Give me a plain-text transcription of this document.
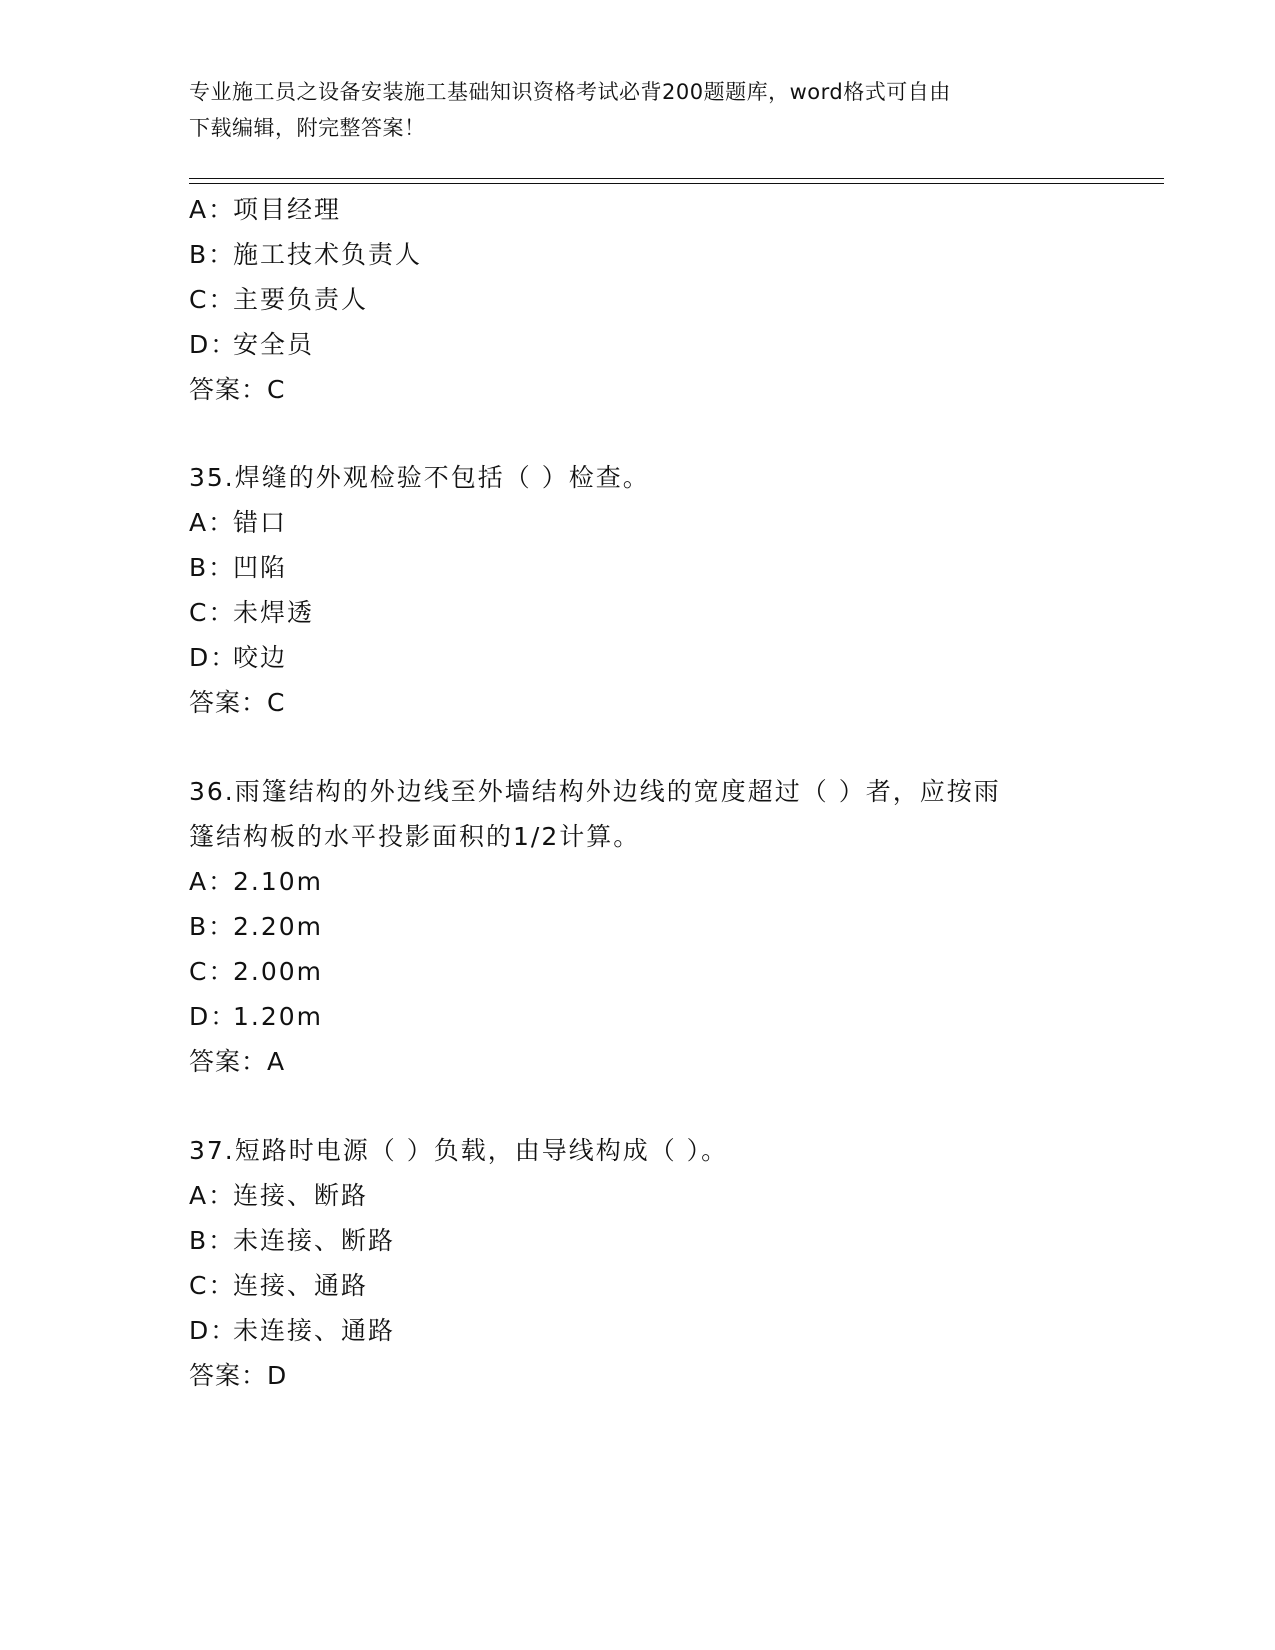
专业施工员之设备安装施工基础知识资格考试必背200题题库，word格式可自由
下载编辑，附完整答案！
A：项目经理
B：施工技术负责人
C：主要负责人
D：安全员
答案：C
35.焊缝的外观检验不包括（ ）检查。
A：错口
B：凹陷
C：未焊透
D：咬边
答案：C
36.雨篷结构的外边线至外墙结构外边线的宽度超过（ ）者，应按雨
篷结构板的水平投影面积的1/2计算。
A：2.10m
B：2.20m
C：2.00m
D：1.20m
答案：A
37.短路时电源（ ）负载，由导线构成（ ）。
A：连接、断路
B：未连接、断路
C：连接、通路
D：未连接、通路
答案：D
